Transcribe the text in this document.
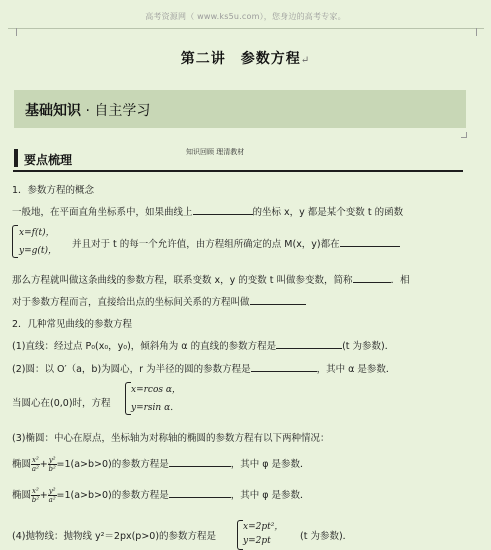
高考资源网（ www.ks5u.com），您身边的高考专家。
第二讲　参数方程↵
基础知识 · 自主学习
要点梳理
知识回顾 理清教材
1．参数方程的概念
一般地，在平面直角坐标系中，如果曲线上	的坐标 x，y 都是某个变数 t 的函数
x=f(t)，
y=g(t)，
并且对于 t 的每一个允许值，由方程组所确定的点 M(x，y)都在
那么方程就叫做这条曲线的参数方程，联系变数 x，y 的变数 t 叫做参变数，简称	．相
对于参数方程而言，直接给出点的坐标间关系的方程叫做
2．几种常见曲线的参数方程
(1)直线：经过点 P₀(x₀，y₀)，倾斜角为 α 的直线的参数方程是	(t 为参数)．
(2)圆：以 O′（a，b)为圆心，r 为半径的圆的参数方程是	，其中 α 是参数．
当圆心在(0,0)时，方程
x=rcos α，
y=rsin α．
(3)椭圆：中心在原点，坐标轴为对称轴的椭圆的参数方程有以下两种情况：
椭圆 $\frac{\text{x²}}{\text{a²}} + \frac{\text{y²}}{\text{b²}} =1(a>b>0)$的参数方程是	，其中 φ 是参数．
椭圆 $\frac{\text{x²}}{\text{b²}} + \frac{\text{y²}}{\text{a²}} =1(a>b>0)$的参数方程是	，其中 φ 是参数．
(4)抛物线：抛物线 y²＝2px(p>0)的参数方程是
x=2pt²，
y=2pt	(t 为参数)．
